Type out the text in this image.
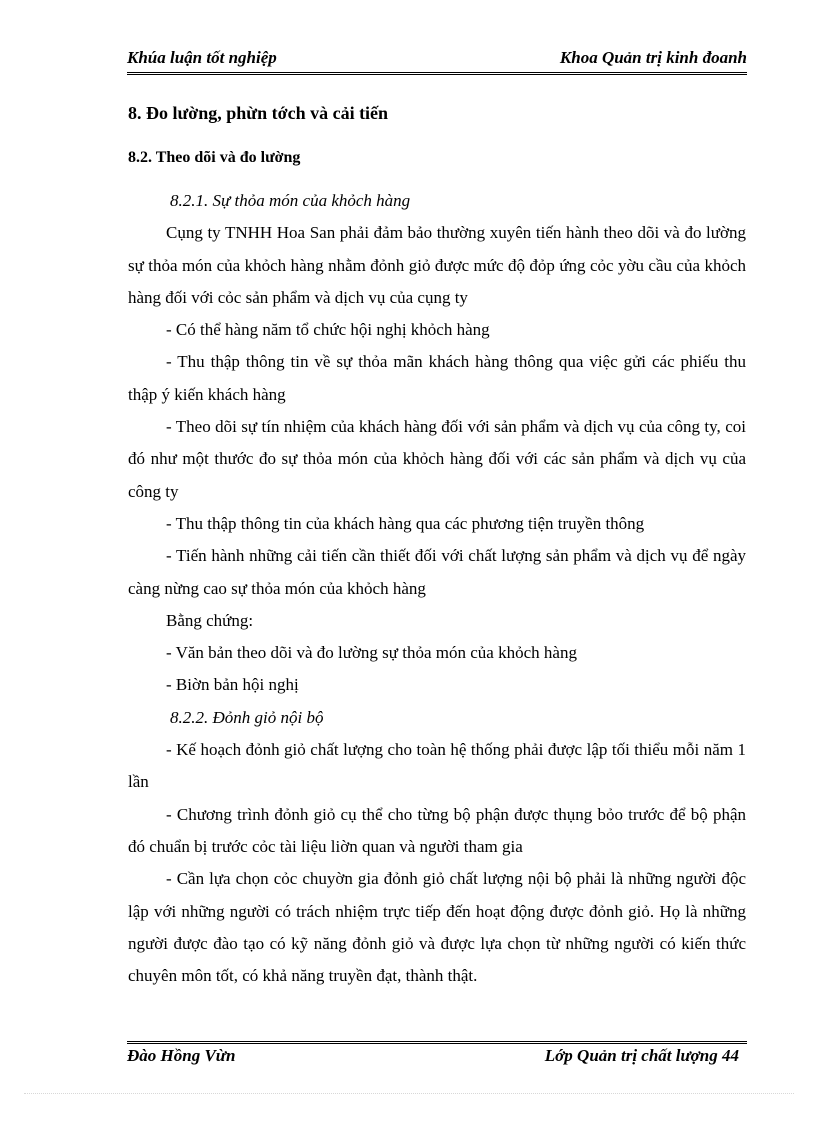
Khúa luận tốt nghiệp	Khoa Quản trị kinh đoanh
8. Đo lường, phừn tớch và cải tiến
8.2. Theo dõi và đo lường

8.2.1. Sự thỏa món của khỏch hàng

Cụng ty TNHH Hoa San phải đảm bảo thường xuyên tiến hành theo dõi và đo lường sự thỏa món của khỏch hàng nhằm đỏnh giỏ được mức độ đỏp ứng cỏc yờu cầu của khỏch hàng đối với cỏc sản phẩm và dịch vụ của cụng ty

- Có thể hàng năm tổ chức hội nghị khỏch hàng

- Thu thập thông tin về sự thỏa mãn khách hàng thông qua việc gửi các phiếu thu thập ý kiến khách hàng

- Theo dõi sự tín nhiệm của khách hàng đối với sản phẩm và dịch vụ của công ty, coi đó như một thước đo sự thỏa món của khỏch hàng đối với các sản phẩm và dịch vụ của công ty

- Thu thập thông tin của khách hàng qua các phương tiện truyền thông

- Tiến hành những cải tiến cần thiết đối với chất lượng sản phẩm và dịch vụ để ngày càng nừng cao sự thỏa món của khỏch hàng

Bằng chứng:

- Văn bản theo dõi và đo lường sự thỏa món của khỏch hàng

- Biờn bản hội nghị

8.2.2. Đỏnh giỏ nội bộ

- Kế hoạch đỏnh giỏ chất lượng cho toàn hệ thống phải được lập tối thiểu mỗi năm 1 lần

- Chương trình đỏnh giỏ cụ thể cho từng bộ phận được thụng bỏo trước để bộ phận đó chuẩn bị trước cỏc tài liệu liờn quan và người tham gia

- Cần lựa chọn cỏc chuyờn gia đỏnh giỏ chất lượng nội bộ phải là những người độc lập với những người có trách nhiệm trực tiếp đến hoạt động được đỏnh giỏ. Họ là những người được đào tạo có kỹ năng đỏnh giỏ và được lựa chọn từ những người có kiến thức chuyên môn tốt, có khả năng truyền đạt, thành thật.

Đào Hồng Vừn	Lớp Quản trị chất lượng 44
